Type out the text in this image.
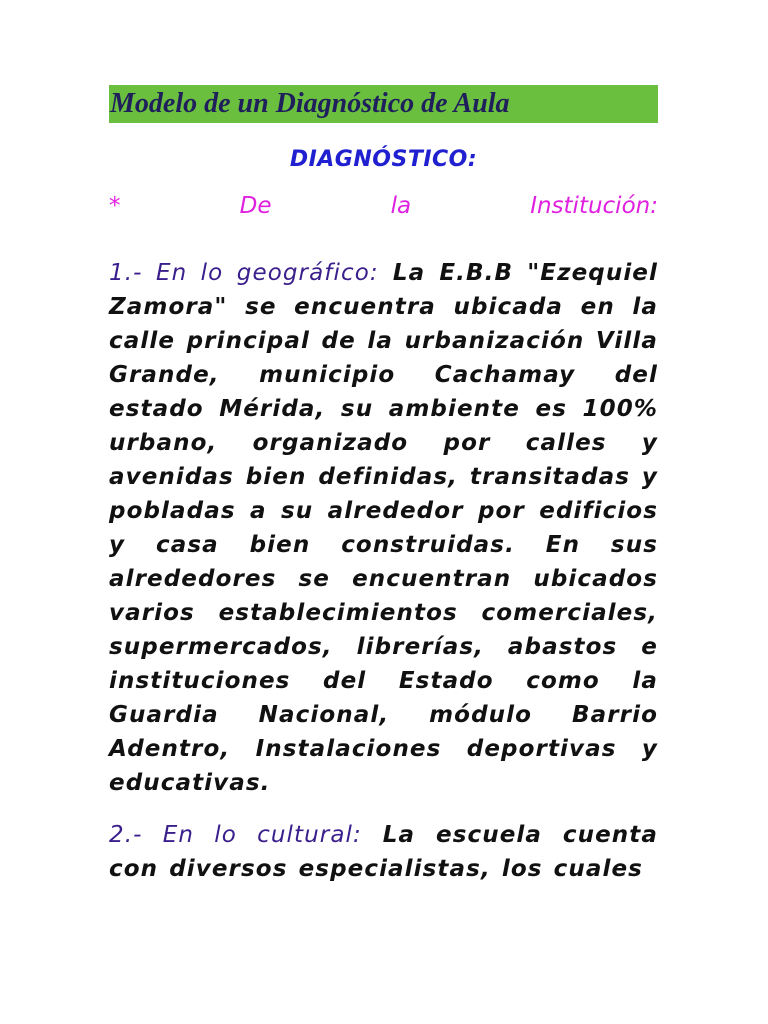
Modelo de un Diagnóstico de Aula
DIAGNÓSTICO:
*	De	la	Institución:

1.- En lo geográfico: La E.B.B "Ezequiel Zamora" se encuentra ubicada en la calle principal de la urbanización Villa Grande, municipio Cachamay del estado Mérida, su ambiente es 100% urbano, organizado por calles y avenidas bien definidas, transitadas y pobladas a su alrededor por edificios y casa bien construidas. En sus alrededores se encuentran ubicados varios establecimientos comerciales, supermercados, librerías, abastos e instituciones del Estado como la Guardia Nacional, módulo Barrio Adentro, Instalaciones deportivas y educativas.

2.- En lo cultural: La escuela cuenta con diversos especialistas, los cuales
